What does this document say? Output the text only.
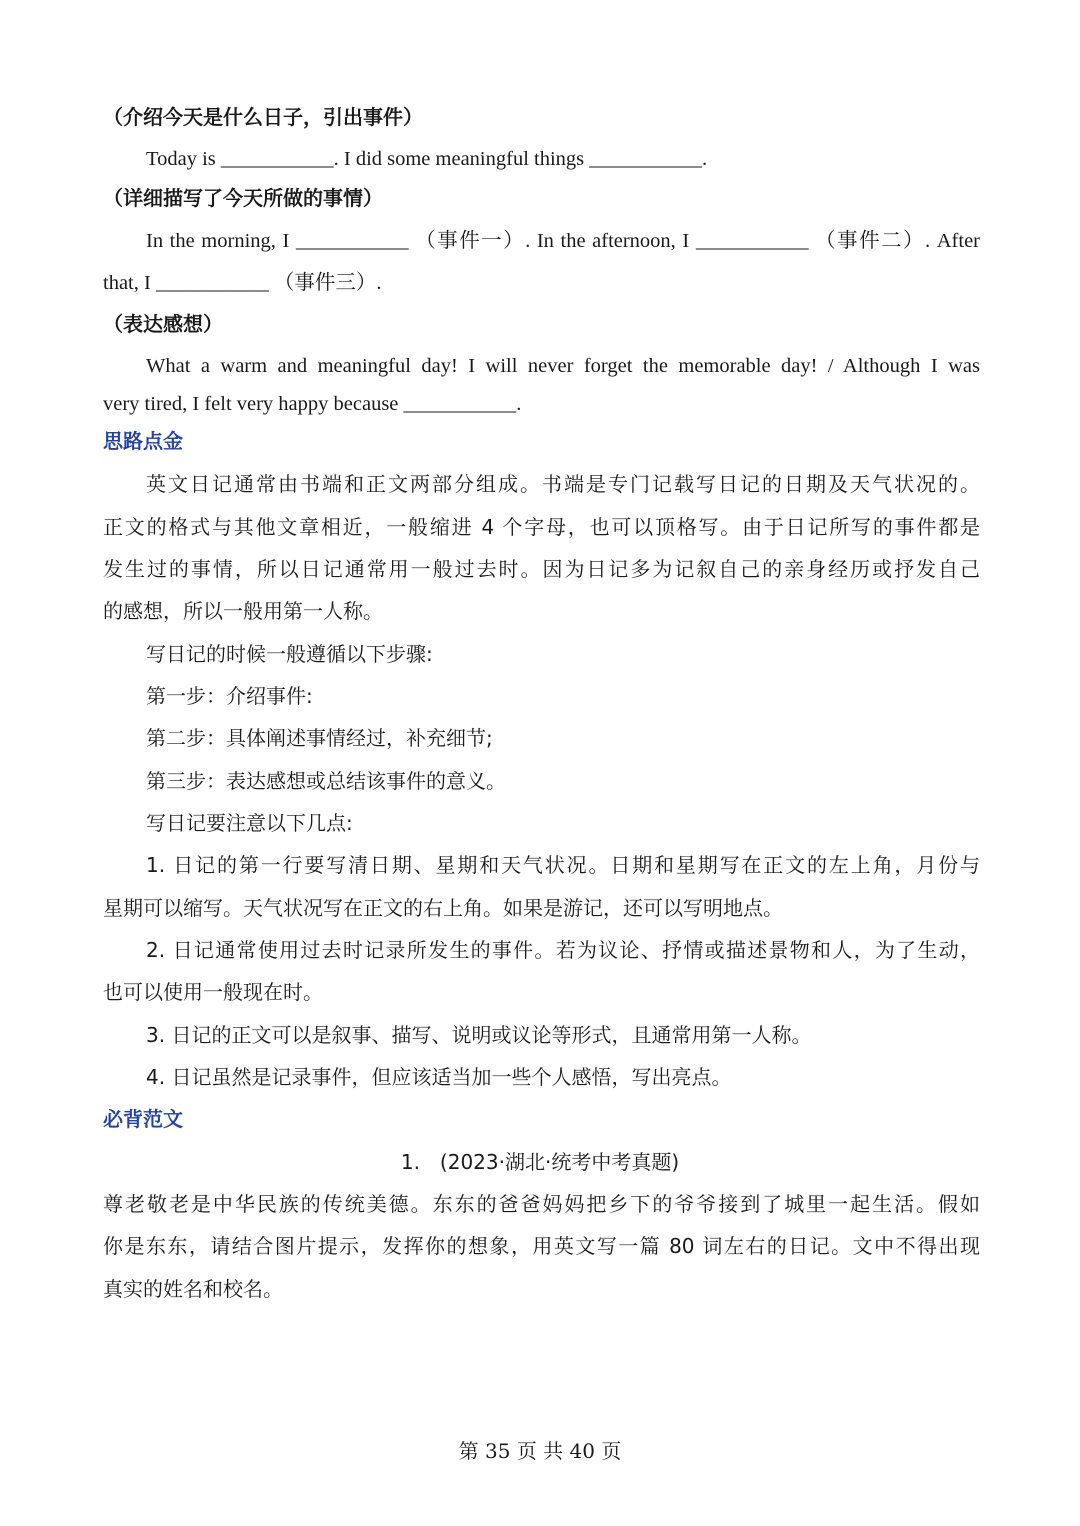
（介绍今天是什么日子，引出事件）
Today is ___________. I did some meaningful things ___________.
（详细描写了今天所做的事情）
In the morning, I ___________ （事件一）. In the afternoon, I ___________ （事件二）. After
that, I ___________ （事件三）.
（表达感想）
What a warm and meaningful day! I will never forget the memorable day! / Although I was
very tired, I felt very happy because ___________.
思路点金
英文日记通常由书端和正文两部分组成。书端是专门记载写日记的日期及天气状况的。
正文的格式与其他文章相近，一般缩进 4 个字母，也可以顶格写。由于日记所写的事件都是
发生过的事情，所以日记通常用一般过去时。因为日记多为记叙自己的亲身经历或抒发自己
的感想，所以一般用第一人称。
写日记的时候一般遵循以下步骤:
第一步：介绍事件:
第二步：具体阐述事情经过，补充细节;
第三步：表达感想或总结该事件的意义。
写日记要注意以下几点:
1. 日记的第一行要写清日期、星期和天气状况。日期和星期写在正文的左上角，月份与
星期可以缩写。天气状况写在正文的右上角。如果是游记，还可以写明地点。
2. 日记通常使用过去时记录所发生的事件。若为议论、抒情或描述景物和人，为了生动，
也可以使用一般现在时。
3. 日记的正文可以是叙事、描写、说明或议论等形式，且通常用第一人称。
4. 日记虽然是记录事件，但应该适当加一些个人感悟，写出亮点。
必背范文
1.　(2023·湖北·统考中考真题)
尊老敬老是中华民族的传统美德。东东的爸爸妈妈把乡下的爷爷接到了城里一起生活。假如
你是东东，请结合图片提示，发挥你的想象，用英文写一篇 80 词左右的日记。文中不得出现
真实的姓名和校名。
第 35 页 共 40 页
